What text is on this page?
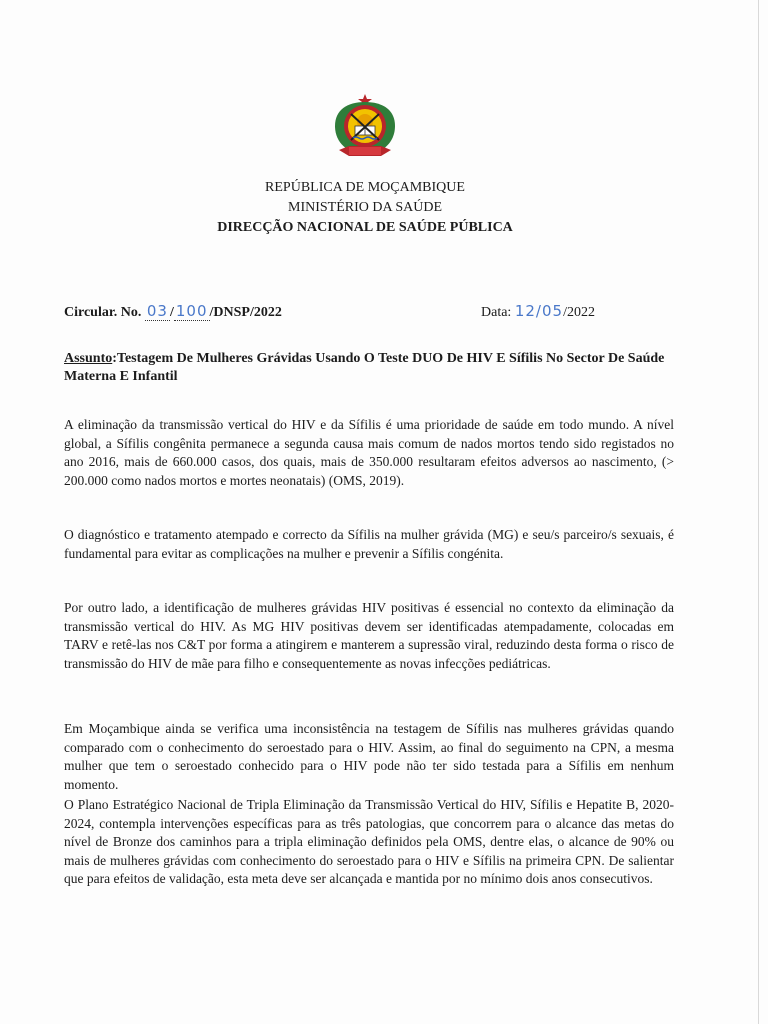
REPÚBLICA DE MOÇAMBIQUE
MINISTÉRIO DA SAÚDE
DIRECÇÃO NACIONAL DE SAÚDE PÚBLICA
Circular. No. 03 / 100 /DNSP/2022	Data: 12/05/2022
Assunto:Testagem De Mulheres Grávidas Usando O Teste DUO De HIV E Sífilis No Sector De Saúde Materna E Infantil
A eliminação da transmissão vertical do HIV e da Sífilis é uma prioridade de saúde em todo mundo. A nível global, a Sífilis congênita permanece a segunda causa mais comum de nados mortos tendo sido registados no ano 2016, mais de 660.000 casos, dos quais, mais de 350.000 resultaram efeitos adversos ao nascimento, (> 200.000 como nados mortos e mortes neonatais) (OMS, 2019).
O diagnóstico e tratamento atempado e correcto da Sífilis na mulher grávida (MG) e seu/s parceiro/s sexuais, é fundamental para evitar as complicações na mulher e prevenir a Sífilis congénita.
Por outro lado, a identificação de mulheres grávidas HIV positivas é essencial no contexto da eliminação da transmissão vertical do HIV. As MG HIV positivas devem ser identificadas atempadamente, colocadas em TARV e retê-las nos C&T por forma a atingirem e manterem a supressão viral, reduzindo desta forma o risco de transmissão do HIV de mãe para filho e consequentemente as novas infecções pediátricas.
Em Moçambique ainda se verifica uma inconsistência na testagem de Sífilis nas mulheres grávidas quando comparado com o conhecimento do seroestado para o HIV. Assim, ao final do seguimento na CPN, a mesma mulher que tem o seroestado conhecido para o HIV pode não ter sido testada para a Sífilis em nenhum momento.
O Plano Estratégico Nacional de Tripla Eliminação da Transmissão Vertical do HIV, Sífilis e Hepatite B, 2020-2024, contempla intervenções específicas para as três patologias, que concorrem para o alcance das metas do nível de Bronze dos caminhos para a tripla eliminação definidos pela OMS, dentre elas, o alcance de 90% ou mais de mulheres grávidas com conhecimento do seroestado para o HIV e Sífilis na primeira CPN. De salientar que para efeitos de validação, esta meta deve ser alcançada e mantida por no mínimo dois anos consecutivos.
